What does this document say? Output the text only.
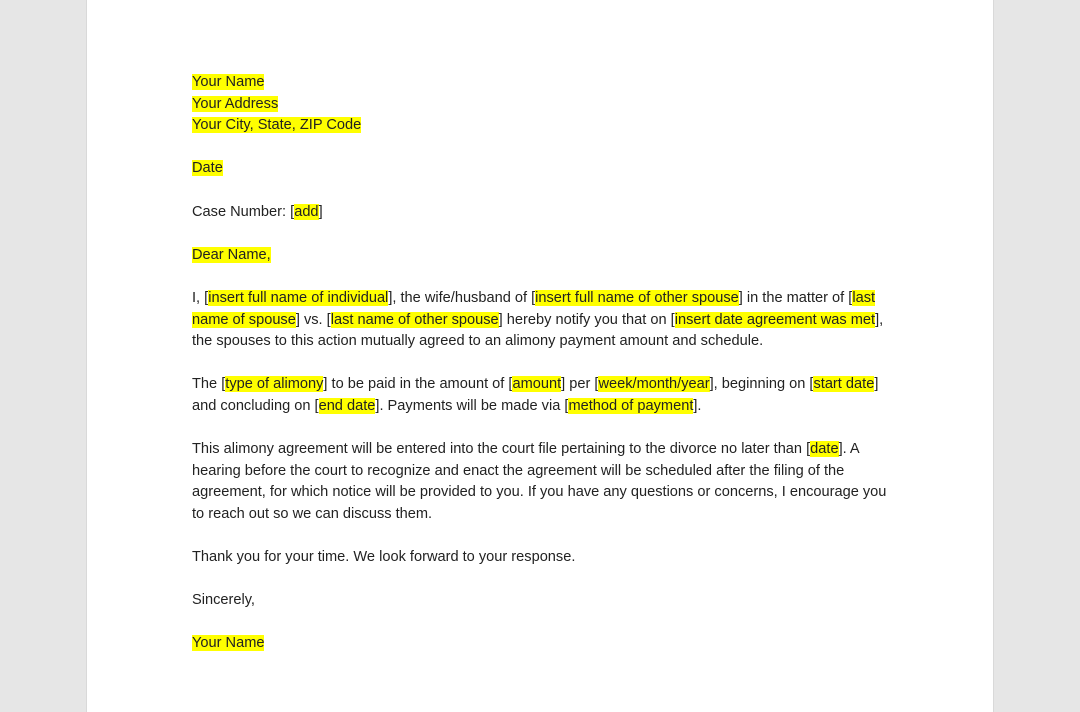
Your Name
Your Address
Your City, State, ZIP Code

Date

Case Number: [add]

Dear Name,

I, [insert full name of individual], the wife/husband of [insert full name of other spouse] in the matter of [last name of spouse] vs. [last name of other spouse] hereby notify you that on [insert date agreement was met], the spouses to this action mutually agreed to an alimony payment amount and schedule.

The [type of alimony] to be paid in the amount of [amount] per [week/month/year], beginning on [start date] and concluding on [end date]. Payments will be made via [method of payment].

This alimony agreement will be entered into the court file pertaining to the divorce no later than [date]. A hearing before the court to recognize and enact the agreement will be scheduled after the filing of the agreement, for which notice will be provided to you. If you have any questions or concerns, I encourage you to reach out so we can discuss them.

Thank you for your time. We look forward to your response.

Sincerely,

Your Name
